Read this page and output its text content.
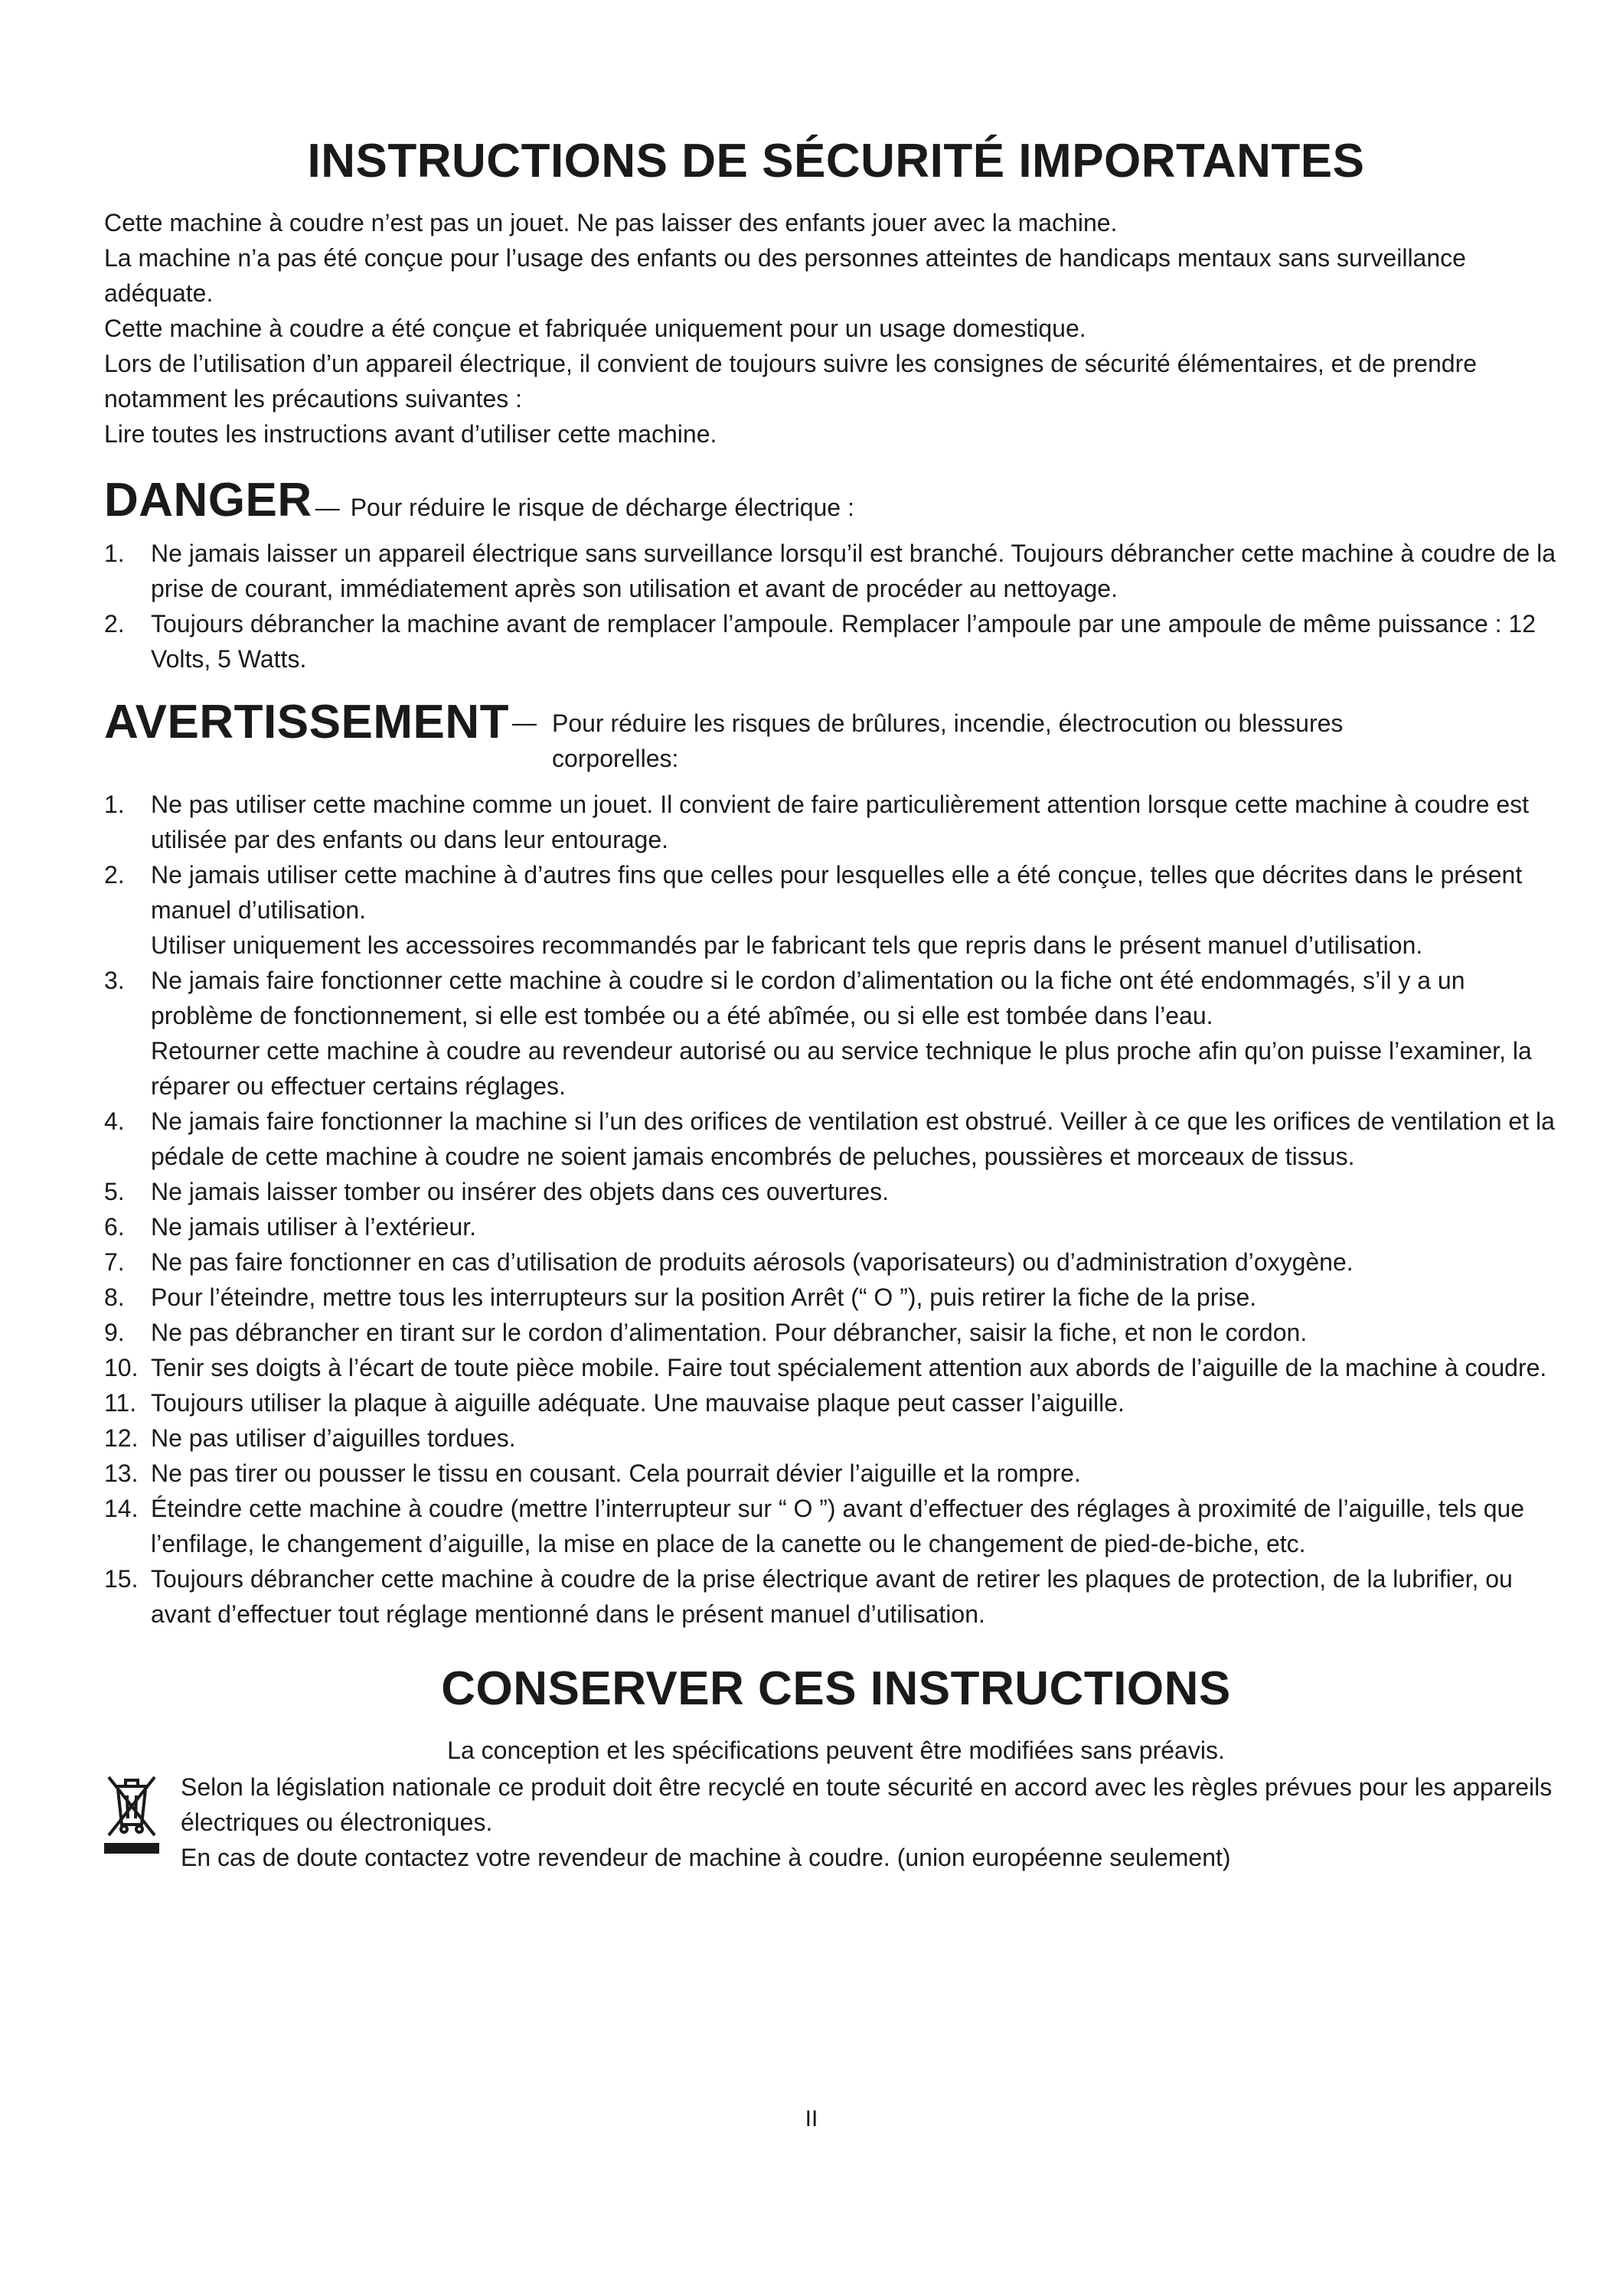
INSTRUCTIONS DE SÉCURITÉ IMPORTANTES

Cette machine à coudre n’est pas un jouet. Ne pas laisser des enfants jouer avec la machine.

La machine n’a pas été conçue pour l’usage des enfants ou des personnes atteintes de handicaps mentaux sans surveillance adéquate.

Cette machine à coudre a été conçue et fabriquée uniquement pour un usage domestique.

Lors de l’utilisation d’un appareil électrique, il convient de toujours suivre les consignes de sécurité élémentaires, et de prendre notamment les précautions suivantes :

Lire toutes les instructions avant d’utiliser cette machine.

DANGER — Pour réduire le risque de décharge électrique :
1. Ne jamais laisser un appareil électrique sans surveillance lorsqu’il est branché. Toujours débrancher cette machine à coudre de la prise de courant, immédiatement après son utilisation et avant de procéder au nettoyage.
2. Toujours débrancher la machine avant de remplacer l’ampoule. Remplacer l’ampoule par une ampoule de même puissance : 12 Volts, 5 Watts.
AVERTISSEMENT — Pour réduire les risques de brûlures, incendie, électrocution ou blessures corporelles:
1. Ne pas utiliser cette machine comme un jouet. Il convient de faire particulièrement attention lorsque cette machine à coudre est utilisée par des enfants ou dans leur entourage.
2. Ne jamais utiliser cette machine à d’autres fins que celles pour lesquelles elle a été conçue, telles que décrites dans le présent manuel d’utilisation.
Utiliser uniquement les accessoires recommandés par le fabricant tels que repris dans le présent manuel d’utilisation.
3. Ne jamais faire fonctionner cette machine à coudre si le cordon d’alimentation ou la fiche ont été endommagés, s’il y a un problème de fonctionnement, si elle est tombée ou a été abîmée, ou si elle est tombée dans l’eau.
Retourner cette machine à coudre au revendeur autorisé ou au service technique le plus proche afin qu’on puisse l’examiner, la réparer ou effectuer certains réglages.
4. Ne jamais faire fonctionner la machine si l’un des orifices de ventilation est obstrué. Veiller à ce que les orifices de ventilation et la pédale de cette machine à coudre ne soient jamais encombrés de peluches, poussières et morceaux de tissus.
5. Ne jamais laisser tomber ou insérer des objets dans ces ouvertures.
6. Ne jamais utiliser à l’extérieur.
7. Ne pas faire fonctionner en cas d’utilisation de produits aérosols (vaporisateurs) ou d’administration d’oxygène.
8. Pour l’éteindre, mettre tous les interrupteurs sur la position Arrêt (“ O ”), puis retirer la fiche de la prise.
9. Ne pas débrancher en tirant sur le cordon d’alimentation. Pour débrancher, saisir la fiche, et non le cordon.
10. Tenir ses doigts à l’écart de toute pièce mobile. Faire tout spécialement attention aux abords de l’aiguille de la machine à coudre.
11. Toujours utiliser la plaque à aiguille adéquate. Une mauvaise plaque peut casser l’aiguille.
12. Ne pas utiliser d’aiguilles tordues.
13. Ne pas tirer ou pousser le tissu en cousant. Cela pourrait dévier l’aiguille et la rompre.
14. Éteindre cette machine à coudre (mettre l’interrupteur sur “ O ”) avant d’effectuer des réglages à proximité de l’aiguille, tels que l’enfilage, le changement d’aiguille, la mise en place de la canette ou le changement de pied-de-biche, etc.
15. Toujours débrancher cette machine à coudre de la prise électrique avant de retirer les plaques de protection, de la lubrifier, ou avant d’effectuer tout réglage mentionné dans le présent manuel d’utilisation.
CONSERVER CES INSTRUCTIONS

La conception et les spécifications peuvent être modifiées sans préavis.

Selon la législation nationale ce produit doit être recyclé en toute sécurité en accord avec les règles prévues pour les appareils électriques ou électroniques.

En cas de doute contactez votre revendeur de machine à coudre. (union européenne seulement)

II
